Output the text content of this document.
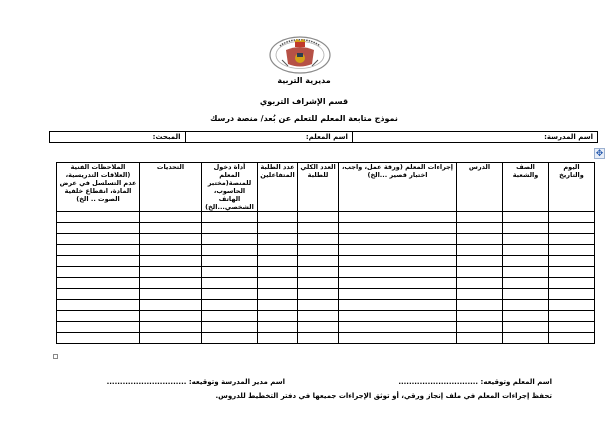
مديرية التربية
قسم الإشراف التربوي
نموذج متابعة المعلم للتعلم عن بُعد/ منصة درسك
اسم المدرسة:
اسم المعلم:
المبحث:
✥
اليوم والتاريخ	الصف والشعبة	الدرس	إجراءات المعلم (ورقة عمل، واجب، اختبار قصير ...الخ)	العدد الكلي للطلبة	عدد الطلبة المتفاعلين	أداة دخول المعلم للمنصة(مختبر الحاسوب، الهاتف الشخصي...الخ)	التحديات	الملاحظات الفنية (العلاقات التدريسية، عدم التسلسل في عرض المادة، انقطاع خلفية الصوت .. الخ)

اسم المعلم وتوقيعه: ..............................
اسم مدير المدرسة وتوقيعه: ..............................
تحفظ إجراءات المعلم في ملف إنجاز ورقي، أو توثق الإجراءات جميعها في دفتر التخطيط للدروس.
